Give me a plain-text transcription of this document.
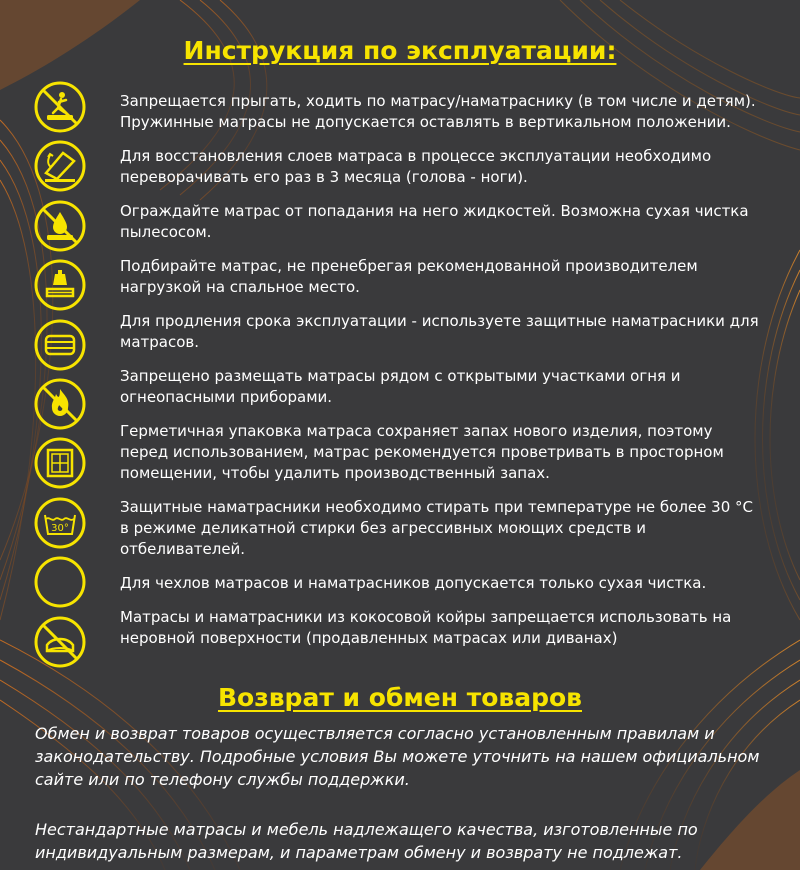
Инструкция по эксплуатации:
30°

Запрещается прыгать, ходить по матрасу/наматраснику (в том числе и детям). Пружинные матрасы не допускается оставлять в вертикальном положении.

Для восстановления слоев матраса в процессе эксплуатации необходимо переворачивать его раз в 3 месяца (голова - ноги).

Ограждайте матрас от попадания на него жидкостей. Возможна сухая чистка пылесосом.

Подбирайте матрас, не пренебрегая рекомендованной производителем нагрузкой на спальное место.

Для продления срока эксплуатации - используете защитные наматрасники для матрасов.

Запрещено размещать матрасы рядом с открытыми участками огня и огнеопасными приборами.

Герметичная упаковка матраса сохраняет запах нового изделия, поэтому перед использованием, матрас рекомендуется проветривать в просторном помещении, чтобы удалить производственный запах.

Защитные наматрасники необходимо стирать при температуре не более 30 °С в режиме деликатной стирки без агрессивных моющих средств и отбеливателей.

Для чехлов матрасов и наматрасников допускается только сухая чистка.

Матрасы и наматрасники из кокосовой койры запрещается использовать на неровной поверхности (продавленных матрасах или диванах)

Возврат и обмен товаров

Обмен и возврат товаров осуществляется согласно установленным правилам и законодательству. Подробные условия Вы можете уточнить на нашем официальном сайте или по телефону службы поддержки.

Нестандартные матрасы и мебель надлежащего качества, изготовленные по индивидуальным размерам, и параметрам обмену и возврату не подлежат.
